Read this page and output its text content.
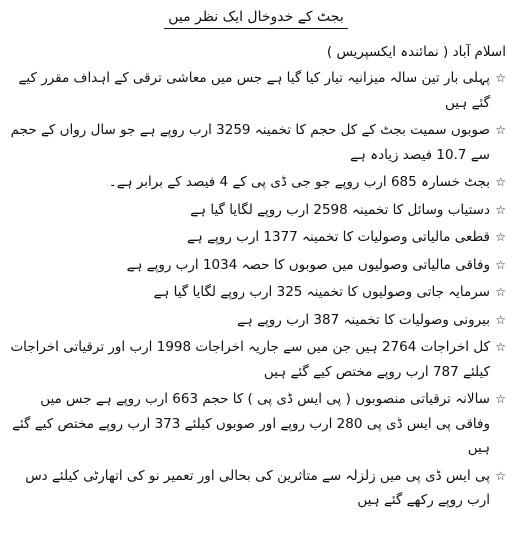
بجٹ کے خدوخال ایک نظر میں
اسلام آباد ( نمائندہ ایکسپریس )
☆
پہلی بار تین سالہ میزانیہ تیار کیا گیا ہے جس میں معاشی ترقی کے اہداف مقرر کیے گئے ہیں
☆
صوبوں سمیت بجٹ کے کل حجم کا تخمینہ 3259 ارب روپے ہے جو سال رواں کے حجم سے 10.7 فیصد زیادہ ہے
☆
بجٹ خسارہ 685 ارب روپے جو جی ڈی پی کے 4 فیصد کے برابر ہے۔
☆
دستیاب وسائل کا تخمینہ 2598 ارب روپے لگایا گیا ہے
☆
قطعی مالیاتی وصولیات کا تخمینہ 1377 ارب روپے ہے
☆
وفاقی مالیاتی وصولیوں میں صوبوں کا حصہ 1034 ارب روپے ہے
☆
سرمایہ جاتی وصولیوں کا تخمینہ 325 ارب روپے لگایا گیا ہے
☆
بیرونی وصولیات کا تخمینہ 387 ارب روپے ہے
☆
کل اخراجات 2764 ہیں جن میں سے جاریہ اخراجات 1998 ارب اور ترقیاتی اخراجات کیلئے 787 ارب روپے مختص کیے گئے ہیں
☆
سالانہ ترقیاتی منصوبوں ( پی ایس ڈی پی ) کا حجم 663 ارب روپے ہے جس میں وفاقی پی ایس ڈی پی 280 ارب روپے اور صوبوں کیلئے 373 ارب روپے مختص کیے گئے ہیں
☆
پی ایس ڈی پی میں زلزلہ سے متاثرین کی بحالی اور تعمیر نو کی اتھارٹی کیلئے دس ارب روپے رکھے گئے ہیں
